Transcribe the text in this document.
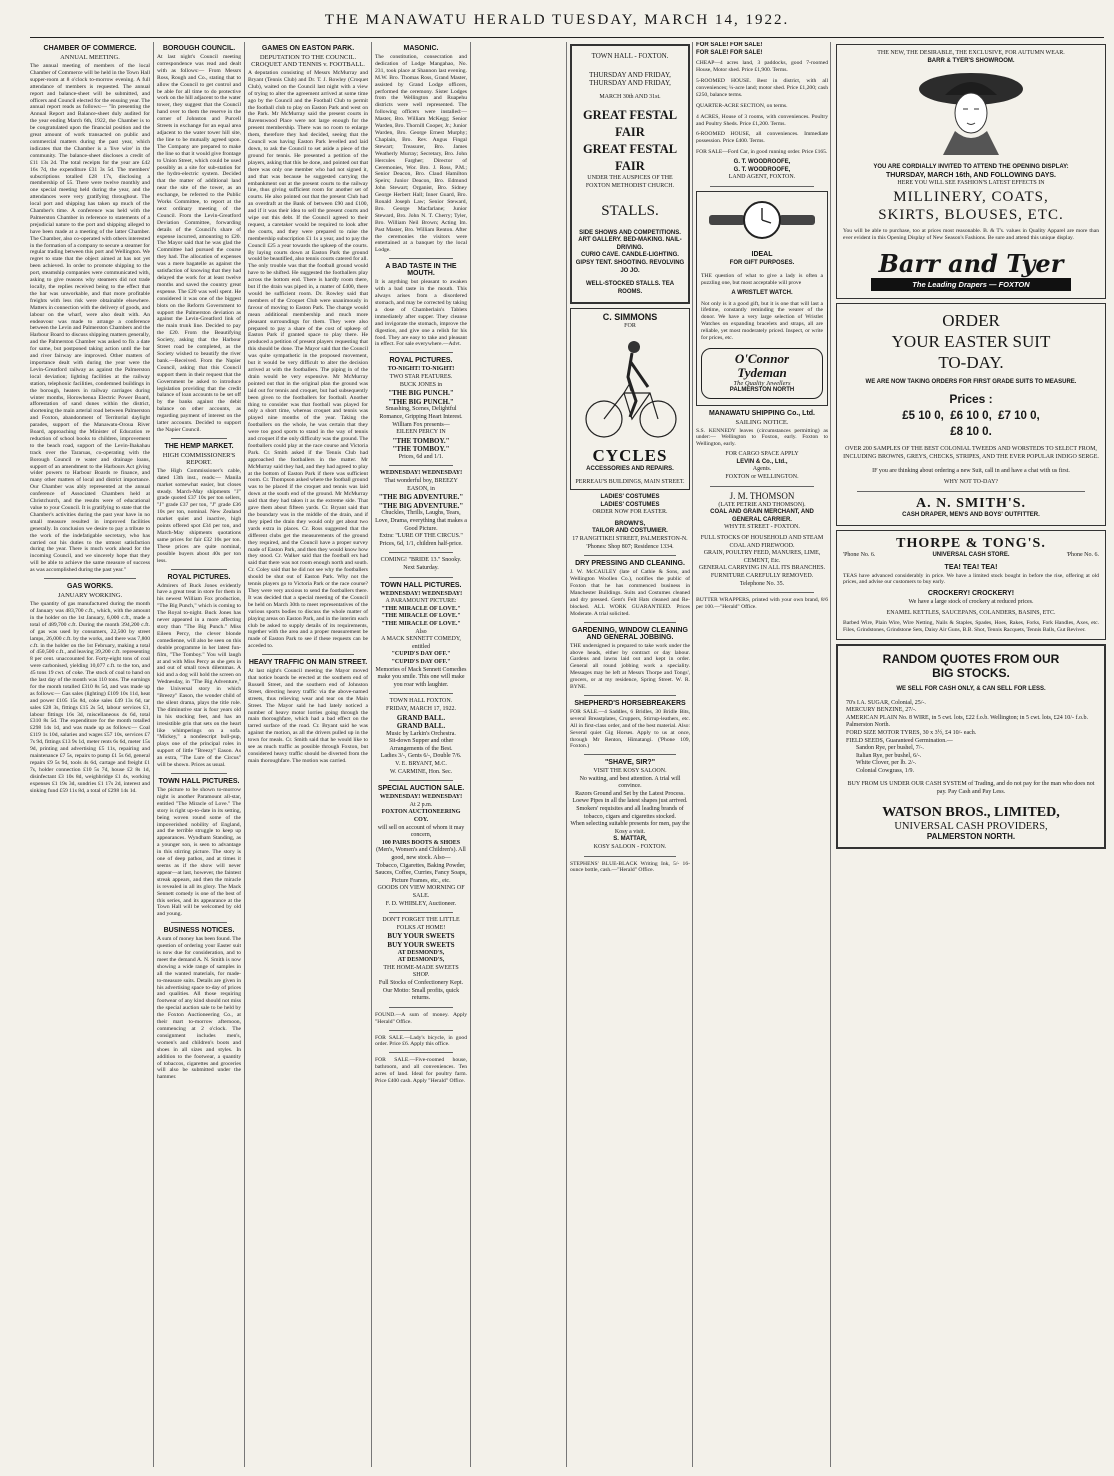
THE MANAWATU HERALD TUESDAY, MARCH 14, 1922.
CHAMBER OF COMMERCE.
ANNUAL MEETING.
The annual meeting of members of the local Chamber of Commerce will be held in the Town Hall supper-room at 8 o'clock to-morrow evening. A full attendance of members is requested. The annual report and balance-sheet will be submitted, and officers and Council elected for the ensuing year. The annual report reads as follows:— "In presenting the Annual Report and Balance-sheet duly audited for the year ending March 6th, 1922, the Chamber is to be congratulated upon the financial position and the great amount of work transacted on public and commercial matters during the past year, which indicates that the Chamber is a 'live wire' in the community. The balance-sheet discloses a credit of £11 13s 2d. The total receipts for the year are £42 16s 7d, the expenditure £31 3s 5d. The members' subscriptions totalled £28 17s, disclosing a membership of 55. There were twelve monthly and one special meeting held during the year, and the attendances were very gratifying throughout. The local port and shipping has taken up much of the Chamber's time. A conference was held with the Palmerston Chamber in reference to statements of a prejudicial nature to the port and shipping alleged to have been made at a meeting of the latter Chamber. The Chamber, also co-operated with others interested in the formation of a company to secure a steamer for regular trading between this port and Wellington. We regret to state that the object aimed at has not yet been achieved. In order to promote shipping to the port, steamship companies were communicated with, asking to give reasons why steamers did not trade locally, the replies received being to the effect that the bar was unworkable, and that more profitable freights with less risk were obtainable elsewhere. Matters in connection with the delivery of goods, and labour on the wharf, were also dealt with. An endeavour was made to arrange a conference between the Levin and Palmerston Chambers and the Harbour Board to discuss shipping matters generally, and the Palmerston Chamber was asked to fix a date for same, but postponed taking action until the bar and river fairway are improved. Other matters of importance dealt with during the year were the Levin-Greatford railway as against the Palmerston local deviation; lighting facilities at the railway station, telephonic facilities, condemned buildings in the borough, heaters in railway carriages during winter months, Horowhenua Electric Power Board, afforestation of sand dunes within the district, shortening the main arterial road between Palmerston and Foxton, abandonment of Territorial daylight parades, support of the Manawatu-Oroua River Board, approaching the Minister of Education re reduction of school books to children, improvement to the beach road, support of the Levin-Ihakahau track over the Tararuas, co-operating with the Borough Council re water and drainage loans, support of an amendment to the Harbours Act giving wider powers to Harbour Boards re finance, and many other matters of local and district importance. Our Chamber was ably represented at the annual conference of Associated Chambers held at Christchurch, and the results were of educational value to your Council. It is gratifying to state that the Chamber's activities during the past year have in no small measure resulted in improved facilities generally. In conclusion we desire to pay a tribute to the work of the indefatigable secretary, who has carried out his duties to the utmost satisfaction during the year. There is much work ahead for the incoming Council, and we sincerely hope that they will be able to achieve the same measure of success as was accomplished during the past year."
GAS WORKS.
JANUARY WORKING.
The quantity of gas manufactured during the month of January was 483,700 c.ft., which, with the amount in the holder on the 1st January, 6,000 c.ft., made a total of 489,700 c.ft. During the month 394,200 c.ft. of gas was used by consumers, 22,500 by street lamps, 26,000 c.ft. by the works, and there was 7,800 c.ft. in the holder on the 1st February, making a total of 450,500 c.ft., and leaving 39,200 c.ft. representing 8 per cent. unaccounted for. Forty-eight tons of coal were carbonised, yielding 10,077 c.ft. to the ton, and 45 tons 19 cwt. of coke. The stock of coal to hand on the last day of the month was 110 tons. The earnings for the month totalled £310 8s 5d, and was made up as follows:— Gas sales (lighting) £109 10s 11d, heat and power £105 15s 8d, coke sales £49 13s 6d, tar sales £28 3s, fittings £15 2s 5d, labour services £1, labour fittings 16s 3d, miscellaneous 4s 6d, total £310 8s 5d. The expenditure for the month totalled £298 14s 1d, and was made up as follows:— Coal £119 1s 10d, salaries and wages £57 10s, services £7 7s 9d, fittings £13 9s 1d, meter rents 6s 6d, meter 15s 9d, printing and advertising £5 11s, repairing and maintenance £7 5s, repairs to pump £1 5s 6d, general repairs £9 5s 9d, tools 4s 6d, cartage and freight £1 7s, holder connection £10 5s 7d, house £2 8s 1d, disinfectant £3 10s 8d, weighbridge £1 4s, working expenses £1 19s 3d, sundries £1 17s 2d, interest and sinking fund £59 11s 8d, a total of £298 14s 1d.
BOROUGH COUNCIL.
At last night's Council meeting correspondence was read and dealt with as follows:— From Messrs Ross, Rough and Co., stating that to allow the Council to get control and be able for all time to do protective work on the hill adjacent to the water tower, they suggest that the Council hand over to them the reserve in the corner of Johnston and Purcell Streets in exchange for an equal area adjacent to the water tower hill site, the line to be mutually agreed upon. The Company are prepared to make the line so that it would give frontage to Union Street, which could be used possibly as a site for sub-station for the hydro-electric system. Decided that the matter of additional land near the site of the tower, as an exchange, be referred to the Public Works Committee, to report at the next ordinary meeting of the Council. From the Levin-Greatford Deviation Committee, forwarding details of the Council's share of expense incurred, amounting to £20. The Mayor said that he was glad the Committee had pursued the course they had. The allocation of expenses was a mere bagatelle as against the satisfaction of knowing that they had delayed the work for at least twelve months and saved the country great expense. The £20 was well spent. He considered it was one of the biggest blots on the Reform Government to support the Palmerston deviation as against the Levin-Greatford link of the main trunk line. Decided to pay the £20. From the Beautifying Society, asking that the Harbour Street road be completed, as the Society wished to beautify the river bank.—Received. From the Napier Council, asking that this Council support them in their request that the Government be asked to introduce legislation providing that the credit balance of loan accounts to be set off by the banks against the debit balance on other accounts, as regarding payment of interest on the latter accounts. Decided to support the Napier Council.
THE HEMP MARKET.
HIGH COMMISSIONER'S REPORT.
The High Commissioner's cable, dated 13th inst., reads:— Manila market somewhat easier, but closes steady. March-May shipments "J" grade quoted £37 10s per ton sellers, "J" grade £37 per ton, "J" grade £36 10s per ton, nominal. New Zealand market quiet and inactive, high points offered spot £34 per ton, and March-May shipments quotations same prices for fair £32 10s per ton. These prices are quite nominal, possible buyers about 40s per ton less.
ROYAL PICTURES.
Admirers of Buck Jones evidently have a great treat in store for them in his newest William Fox production, "The Big Punch," which is coming to The Royal to-night. Buck Jones has never appeared in a more affecting story than "The Big Punch." Miss Eileen Percy, the clever blonde comedienne, will also be seen on this double programme in her latest fun-film, "The Tomboy." You will laugh at and with Miss Percy as she gets in and out of small town dilemmas. A kid and a dog will hold the screen on Wednesday, in "The Big Adventure," the Universal story in which "Breezy" Eason, the wonder child of the silent drama, plays the title role. The diminutive star is four years old in his stocking feet, and has an irresistible grin that sets on the heart like whimperings on a sofa. "Mickey," a nondescript bull-pup, plays one of the principal roles in support of little "Breezy" Eason. As an extra, "The Lure of the Circus" will be shown. Prices as usual.
TOWN HALL PICTURES.
The picture to be shown to-morrow night is another Paramount all-star, entitled "The Miracle of Love." The story is right up-to-date in its setting, being woven round some of the impoverished nobility of England, and the terrible struggle to keep up appearances. Wyndham Standing, as a younger son, is seen to advantage in this stirring picture. The story is one of deep pathos, and at times it seems as if the show will never appear—at last, however, the faintest streak appears, and then the miracle is revealed in all its glory. The Mack Sennett comedy is one of the best of this series, and its appearance at the Town Hall will be welcomed by old and young.
BUSINESS NOTICES.
A sum of money has been found. The question of ordering your Easter suit is now due for consideration, and to meet the demand A. N. Smith is now showing a wide range of samples in all the wanted materials, for made-to-measure suits. Details are given in his advertising space to-day of prices and qualities. All those requiring footwear of any kind should not miss the special auction sale to be held by the Foxton Auctioneering Co., at their mart to-morrow afternoon, commencing at 2 o'clock. The consignment includes men's, women's and children's boots and shoes in all sizes and styles. In addition to the footwear, a quantity of tobaccos, cigarettes and groceries will also be submitted under the hammer.
GAMES ON EASTON PARK.
DEPUTATION TO THE COUNCIL. CROQUET AND TENNIS v. FOOTBALL.
A deputation consisting of Messrs McMurray and Bryant (Tennis Club) and Dr. T. J. Rowley (Croquet Club), waited on the Council last night with a view of trying to alter the agreement arrived at some time ago by the Council and the Football Club to permit the football club to play on Easton Park and west on the Park. Mr McMurray said the present courts in Ravenswood Place were not large enough for the present membership. There was no room to enlarge them, therefore they had decided, seeing that the Council was having Easton Park levelled and laid down, to ask the Council to set aside a piece of the ground for tennis. He presented a petition of the players, asking that this be done, and pointed out that there was only one member who had not signed it, and that was because he suggested carrying the embankment out at the present courts to the railway line, thus giving sufficient room for another set of courts. He also pointed out that the present Club had an overdraft at the Bank of between £90 and £100, and if it was their idea to sell the present courts and wipe out this debt. If the Council agreed to their request, a caretaker would be required to look after the courts, and they were prepared to raise the membership subscription £1 1s a year, and to pay the Council £25 a year towards the upkeep of the courts. By laying courts down at Easton Park the ground would be beautified, also tennis courts catered for all. The only trouble was that the football ground would have to be shifted. He suggested the footballers play across the bottom end. There is hardly room there, but if the drain was piped in, a matter of £400, there would be sufficient room. Dr. Rowley said that members of the Croquet Club were unanimously in favour of moving to Easton Park. The change would mean additional membership and much more pleasant surroundings for them. They were also prepared to pay a share of the cost of upkeep of Easton Park if granted space to play there. He produced a petition of present players requesting that this should be done. The Mayor said that the Council was quite sympathetic in the proposed movement, but it would be very difficult to alter the decision arrived at with the footballers. The piping in of the drain would be very expensive. Mr McMurray pointed out that in the original plan the ground was laid out for tennis and croquet, but had subsequently been given to the footballers for football. Another thing to consider was that football was played for only a short time, whereas croquet and tennis was played nine months of the year. Taking the footballers on the whole, he was certain that they were too good sports to stand in the way of tennis and croquet if the only difficulty was the ground. The footballers could play at the race course and Victoria Park. Cr. Smith asked if the Tennis Club had approached the footballers in the matter. Mr McMurray said they had, and they had agreed to play at the bottom of Easton Park if there was sufficient room. Cr. Thompson asked where the football ground was to be placed if the croquet and tennis was laid down at the south end of the ground. Mr McMurray said that they had taken it as the extreme side. That gave them about fifteen yards. Cr. Bryant said that the boundary was in the middle of the drain, and if they piped the drain they would only get about two yards extra in places. Cr. Ross suggested that the different clubs get the measurements of the ground they required, and the Council have a proper survey made of Easton Park, and then they would know how they stood. Cr. Walker said that the football ers had said that there was not room enough north and south. Cr. Coley said that he did not see why the footballers should be shut out of Easton Park. Why not the tennis players go to Victoria Park or the race course? They were very anxious to send the footballers there. It was decided that a special meeting of the Council be held on March 30th to meet representatives of the various sports bodies to discuss the whole matter of playing areas on Easton Park, and in the interim each club be asked to supply details of its requirements, together with the area and a proper measurement be made of Easton Park to see if these requests can be acceded to.
HEAVY TRAFFIC ON MAIN STREET.
At last night's Council meeting the Mayor moved that notice boards be erected at the southern end of Russell Street, and the southern end of Johnston Street, directing heavy traffic via the above-named streets, thus relieving wear and tear on the Main Street. The Mayor said he had lately noticed a number of heavy motor lorries going through the main thoroughfare, which had a bad effect on the tarred surface of the road. Cr. Bryant said he was against the motion, as all the drivers pulled up in the town for meals. Cr. Smith said that he would like to see as much traffic as possible through Foxton, but considered heavy traffic should be diverted from the main thoroughfare. The motion was carried.
MASONIC.
The constitution, consecration and dedication of Lodge Mangahao, No. 231, took place at Shannon last evening. M.W. Bro. Thomas Ross, Grand Master, assisted by Grand Lodge officers, performed the ceremony. Sister Lodges from the Wellington and Ruapehu districts were well represented. The following officers were installed:—Master, Bro. William McKegg; Senior Warden, Bro. Thornill Cooper, Jr.; Junior Warden, Bro. George Ernest Murphy; Chaplain, Bro. Rev. Angus Fingal Stewart; Treasurer, Bro. James Weatherly Murray; Secretary, Bro. John Hercules Fargher; Director of Ceremonies, Wor. Bro. J. Ross, P.M.; Senior Deacon, Bro. Claud Hamilton Speirs; Junior Deacon, Bro. Edmund John Stewart; Organist, Bro. Sidney George Herbert Hall; Inner Guard, Bro. Ronald Joseph Law; Senior Steward, Bro. George Macfarlane; Junior Steward, Bro. John N. T. Cherry; Tyler, Bro. William Neil Brown; Acting Im. Past Master, Bro. William Renton. After the ceremonies the visitors were entertained at a banquet by the local Lodge.
A BAD TASTE IN THE MOUTH.
It is anything but pleasant to awaken with a bad taste in the mouth. This always arises from a disordered stomach, and may be corrected by taking a dose of Chamberlain's Tablets immediately after supper. They cleanse and invigorate the stomach, improve the digestion, and give one a relish for his food. They are easy to take and pleasant in effect. For sale everywhere.—Advt.
ROYAL PICTURES.
TO-NIGHT! TO-NIGHT!
TWO STAR FEATURES.
BUCK JONES in
"THE BIG PUNCH."
"THE BIG PUNCH."
Smashing, Scenes, Delightful Romance, Gripping Heart Interest.
William Fox presents—
EILEEN PERCY IN
"THE TOMBOY."
"THE TOMBOY."
Prices, 6d and 1/1.
WEDNESDAY! WEDNESDAY!
That wonderful boy, BREEZY EASON, in
"THE BIG ADVENTURE."
"THE BIG ADVENTURE."
Chuckles, Thrills, Laughs, Tears, Love, Drama, everything that makes a Good Picture.
Extra: "LURE OF THE CIRCUS."
Prices, 6d, 1/1, children half-price.
COMING! "BRIDE 13." Snooky.
Next Saturday.
TOWN HALL PICTURES.
WEDNESDAY! WEDNESDAY!
A PARAMOUNT PICTURE:
"THE MIRACLE OF LOVE."
"THE MIRACLE OF LOVE."
"THE MIRACLE OF LOVE."
Also
A MACK SENNETT COMEDY, entitled
"CUPID'S DAY OFF."
"CUPID'S DAY OFF."
Memories of Mack Sennett Comedies make you smile. This one will make you roar with laughter.
TOWN HALL FOXTON.
FRIDAY, MARCH 17, 1922.
GRAND BALL.
GRAND BALL.
Music by Larkin's Orchestra.
Sit-down Supper and other Arrangements of the Best.
Ladies 3/-, Gents 6/-, Double 7/6.
V. E. BRYANT, M.C.
W. CARMINE, Hon. Sec.
SPECIAL AUCTION SALE.
WEDNESDAY! WEDNESDAY!
At 2 p.m.
FOXTON AUCTIONEERING COY.
will sell on account of whom it may concern,
100 PAIRS BOOTS & SHOES
(Men's, Women's and Children's). All good, new stock. Also—
Tobacco, Cigarettes, Baking Powder, Sauces, Coffee, Curries, Fancy Soaps, Picture Frames, etc., etc.
GOODS ON VIEW MORNING OF SALE.
F. D. WHIBLEY, Auctioneer.
DON'T FORGET THE LITTLE FOLKS AT HOME!
BUY YOUR SWEETS
BUY YOUR SWEETS
AT DESMOND'S,
AT DESMOND'S,
THE HOME-MADE SWEETS SHOP.
Full Stocks of Confectionery Kept.
Our Motto: Small profits, quick returns.
FOUND.—A sum of money. Apply "Herald" Office.
FOR SALE.—Lady's bicycle, in good order. Price £6. Apply this office.
FOR SALE.—Five-roomed house, bathroom, and all conveniences. Ten acres of land. Ideal for poultry farm. Price £400 cash. Apply "Herald" Office.
TOWN HALL - FOXTON.
THURSDAY AND FRIDAY,
THURSDAY AND FRIDAY,
MARCH 30th AND 31st.
GREAT FESTAL FAIR
GREAT FESTAL FAIR
UNDER THE AUSPICES OF THE FOXTON METHODIST CHURCH.
STALLS.
SIDE SHOWS AND COMPETITIONS.
ART GALLERY. BED-MAKING. NAIL-DRIVING.
CURIO CAVE. CANDLE-LIGHTING.
GIPSY TENT. SHOOTING. REVOLVING JO JO.
WELL-STOCKED STALLS. TEA ROOMS.
C. SIMMONS
FOR
CYCLES
ACCESSORIES AND REPAIRS.
PERREAU'S BUILDINGS, MAIN STREET.
LADIES' COSTUMES
LADIES' COSTUMES
ORDER NOW FOR EASTER.
BROWN'S,
TAILOR AND COSTUMIER.
17 RANGITIKEI STREET, PALMERSTON-N.
'Phones: Shop 807; Residence 1334.
DRY PRESSING AND CLEANING.
J. W. McCAULEY (late of Cathie & Sons, and Wellington Woollen Co.), notifies the public of Foxton that he has commenced business in Manchester Buildings. Suits and Costumes cleaned and dry pressed. Gent's Felt Hats cleaned and Re-blocked. ALL WORK GUARANTEED. Prices Moderate. A trial solicited.
GARDENING, WINDOW CLEANING AND GENERAL JOBBING.
THE undersigned is prepared to take work under the above heads, either by contract or day labour. Gardens and lawns laid out and kept in order. General all round jobbing work a speciality. Messages may be left at Messrs Thorpe and Tongs', grocers, or at my residence, Spring Street. W. R. BYNE.
SHEPHERD'S HORSEBREAKERS
FOR SALE.—4 Saddles, 6 Bridles, 30 Bridle Bits, several Breastplates, Cruppers, Stirrup-leathers, etc. All in first-class order, and of the best material. Also: Several quiet Gig Horses. Apply to us at once, through Mr Renton, Himatangi. ('Phone 109, Foxton.)
"SHAVE, SIR?"
VISIT THE KOSY SALOON.
No waiting, and best attention. A trial will convince.
Razors Ground and Set by the Latest Process.
Loewe Pipes in all the latest shapes just arrived.
Smokers' requisites and all leading brands of tobacco, cigars and cigarettes stocked.
When selecting suitable presents for men, pay the Kosy a visit.
S. MATTAR,
KOSY SALOON - FOXTON.
STEPHENS' BLUE-BLACK Writing Ink, 5/- 16-ounce bottle, cash.—"Herald" Office.
FOR SALE! FOR SALE!
FOR SALE! FOR SALE!
CHEAP—4 acres land, 3 paddocks, good 7-roomed House, Motor shed. Price £1,900. Terms.
5-ROOMED HOUSE. Best in district, with all conveniences; ¼-acre land; motor shed. Price £1,200; cash £250, balance terms.
QUARTER-ACRE SECTION, on terms.
4 ACRES, House of 3 rooms, with conveniences. Poultry and Poultry Sheds. Price £1,200. Terms.
6-ROOMED HOUSE, all conveniences. Immediate possession. Price £400. Terms.
FOR SALE—Ford Car, in good running order. Price £165.
G. T. WOODROOFE,
G. T. WOODROOFE,
LAND AGENT, FOXTON.
IDEAL
FOR GIFT PURPOSES.
THE question of what to give a lady is often a puzzling one, but most acceptable will prove
A WRISTLET WATCH.
Not only is it a good gift, but it is one that will last a lifetime, constantly reminding the wearer of the donor. We have a very large selection of Wristlet Watches on expanding bracelets and straps, all are reliable, yet most moderately priced. Inspect, or write for prices, etc.
O'Connor
Tydeman
The Quality Jewellers
PALMERSTON NORTH
MANAWATU SHIPPING Co., Ltd.
SAILING NOTICE.
S.S. KENNEDY leaves (circumstances permitting) as under:— Wellington to Foxton, early. Foxton to Wellington, early.
FOR CARGO SPACE APPLY
LEVIN & Co., Ltd.,
Agents.
FOXTON or WELLINGTON.
J. M. THOMSON
(LATE PETRIE AND THOMSON).
COAL AND GRAIN MERCHANT, AND GENERAL CARRIER.
WHYTE STREET - FOXTON.
FULL STOCKS OF HOUSEHOLD AND STEAM COAL AND FIREWOOD.
GRAIN, POULTRY FEED, MANURES, LIME, CEMENT, Etc.
GENERAL CARRYING IN ALL ITS BRANCHES.
FURNITURE CAREFULLY REMOVED.
Telephone No. 35.
BUTTER WRAPPERS, printed with your own brand, 8/6 per 100.—"Herald" Office.
THE NEW, THE DESIRABLE, THE EXCLUSIVE, FOR AUTUMN WEAR.
BARR & TYER'S SHOWROOM.
YOU ARE CORDIALLY INVITED TO ATTEND THE OPENING DISPLAY:
THURSDAY, MARCH 16th, AND FOLLOWING DAYS.
HERE YOU WILL SEE FASHION'S LATEST EFFECTS IN
MILLINERY, COATS,
SKIRTS, BLOUSES, ETC.
You will be able to purchase, too at prices most reasonable. B. & T's. values in Quality Apparel are more than ever evident in this Opening Display of New Season's Fashions. Be sure and attend this unique display.
Barr and Tyer
The Leading Drapers — FOXTON
ORDER
YOUR EASTER SUIT
TO-DAY.
WE ARE NOW TAKING ORDERS FOR FIRST GRADE SUITS TO MEASURE.
Prices :
£5 10 0, £6 10 0, £7 10 0,
£8 10 0.
OVER 200 SAMPLES OF THE BEST COLONIAL TWEEDS AND WORSTEDS TO SELECT FROM, INCLUDING BROWNS, GREYS, CHECKS, STRIPES, AND THE EVER POPULAR INDIGO SERGE.
IF you are thinking about ordering a new Suit, call in and have a chat with us first.
WHY NOT TO-DAY?
A. N. SMITH'S.
CASH DRAPER, MEN'S AND BOYS' OUTFITTER.
THORPE & TONG'S.
'Phone No. 6.	UNIVERSAL CASH STORE.	'Phone No. 6.
TEA! TEA! TEA!
TEAS have advanced considerably in price. We have a limited stock bought in before the rise, offering at old prices, and advise our customers to buy early.
CROCKERY! CROCKERY!
We have a large stock of crockery at reduced prices.
ENAMEL KETTLES, SAUCEPANS, COLANDERS, BASINS, ETC.
Barbed Wire, Plain Wire, Wire Netting, Nails & Staples, Spades, Hoes, Rakes, Forks, Fork Handles, Axes, etc. Files, Grindstones, Grindstone Sets, Daisy Air Guns, B.B. Shot, Tennis Racquets, Tennis Balls, Gut Reviver.
RANDOM QUOTES FROM OUR
BIG STOCKS.
WE SELL FOR CASH ONLY, & CAN SELL FOR LESS.
70's I.A. SUGAR, Colonial, 25/-.
MERCURY BENZINE, 27/-.
AMERICAN PLAIN No. 8 WIRE, in 5 cwt. lots, £22 f.o.b. Wellington; in 5 cwt. lots, £24 10/- f.o.b. Palmerston North.
FORD SIZE MOTOR TYRES, 30 x 3½, £4 10/- each.
FIELD SEEDS, Guaranteed Germination.—
Sandon Rye, per bushel, 7/-.
Italian Rye, per bushel, 6/-.
White Clover, per lb. 2/-.
Colonial Cowgrass, 1/9.
BUY FROM US UNDER OUR CASH SYSTEM of Trading, and do not pay for the man who does not pay. Pay Cash and Pay Less.
WATSON BROS., LIMITED,
UNIVERSAL CASH PROVIDERS,
PALMERSTON NORTH.
